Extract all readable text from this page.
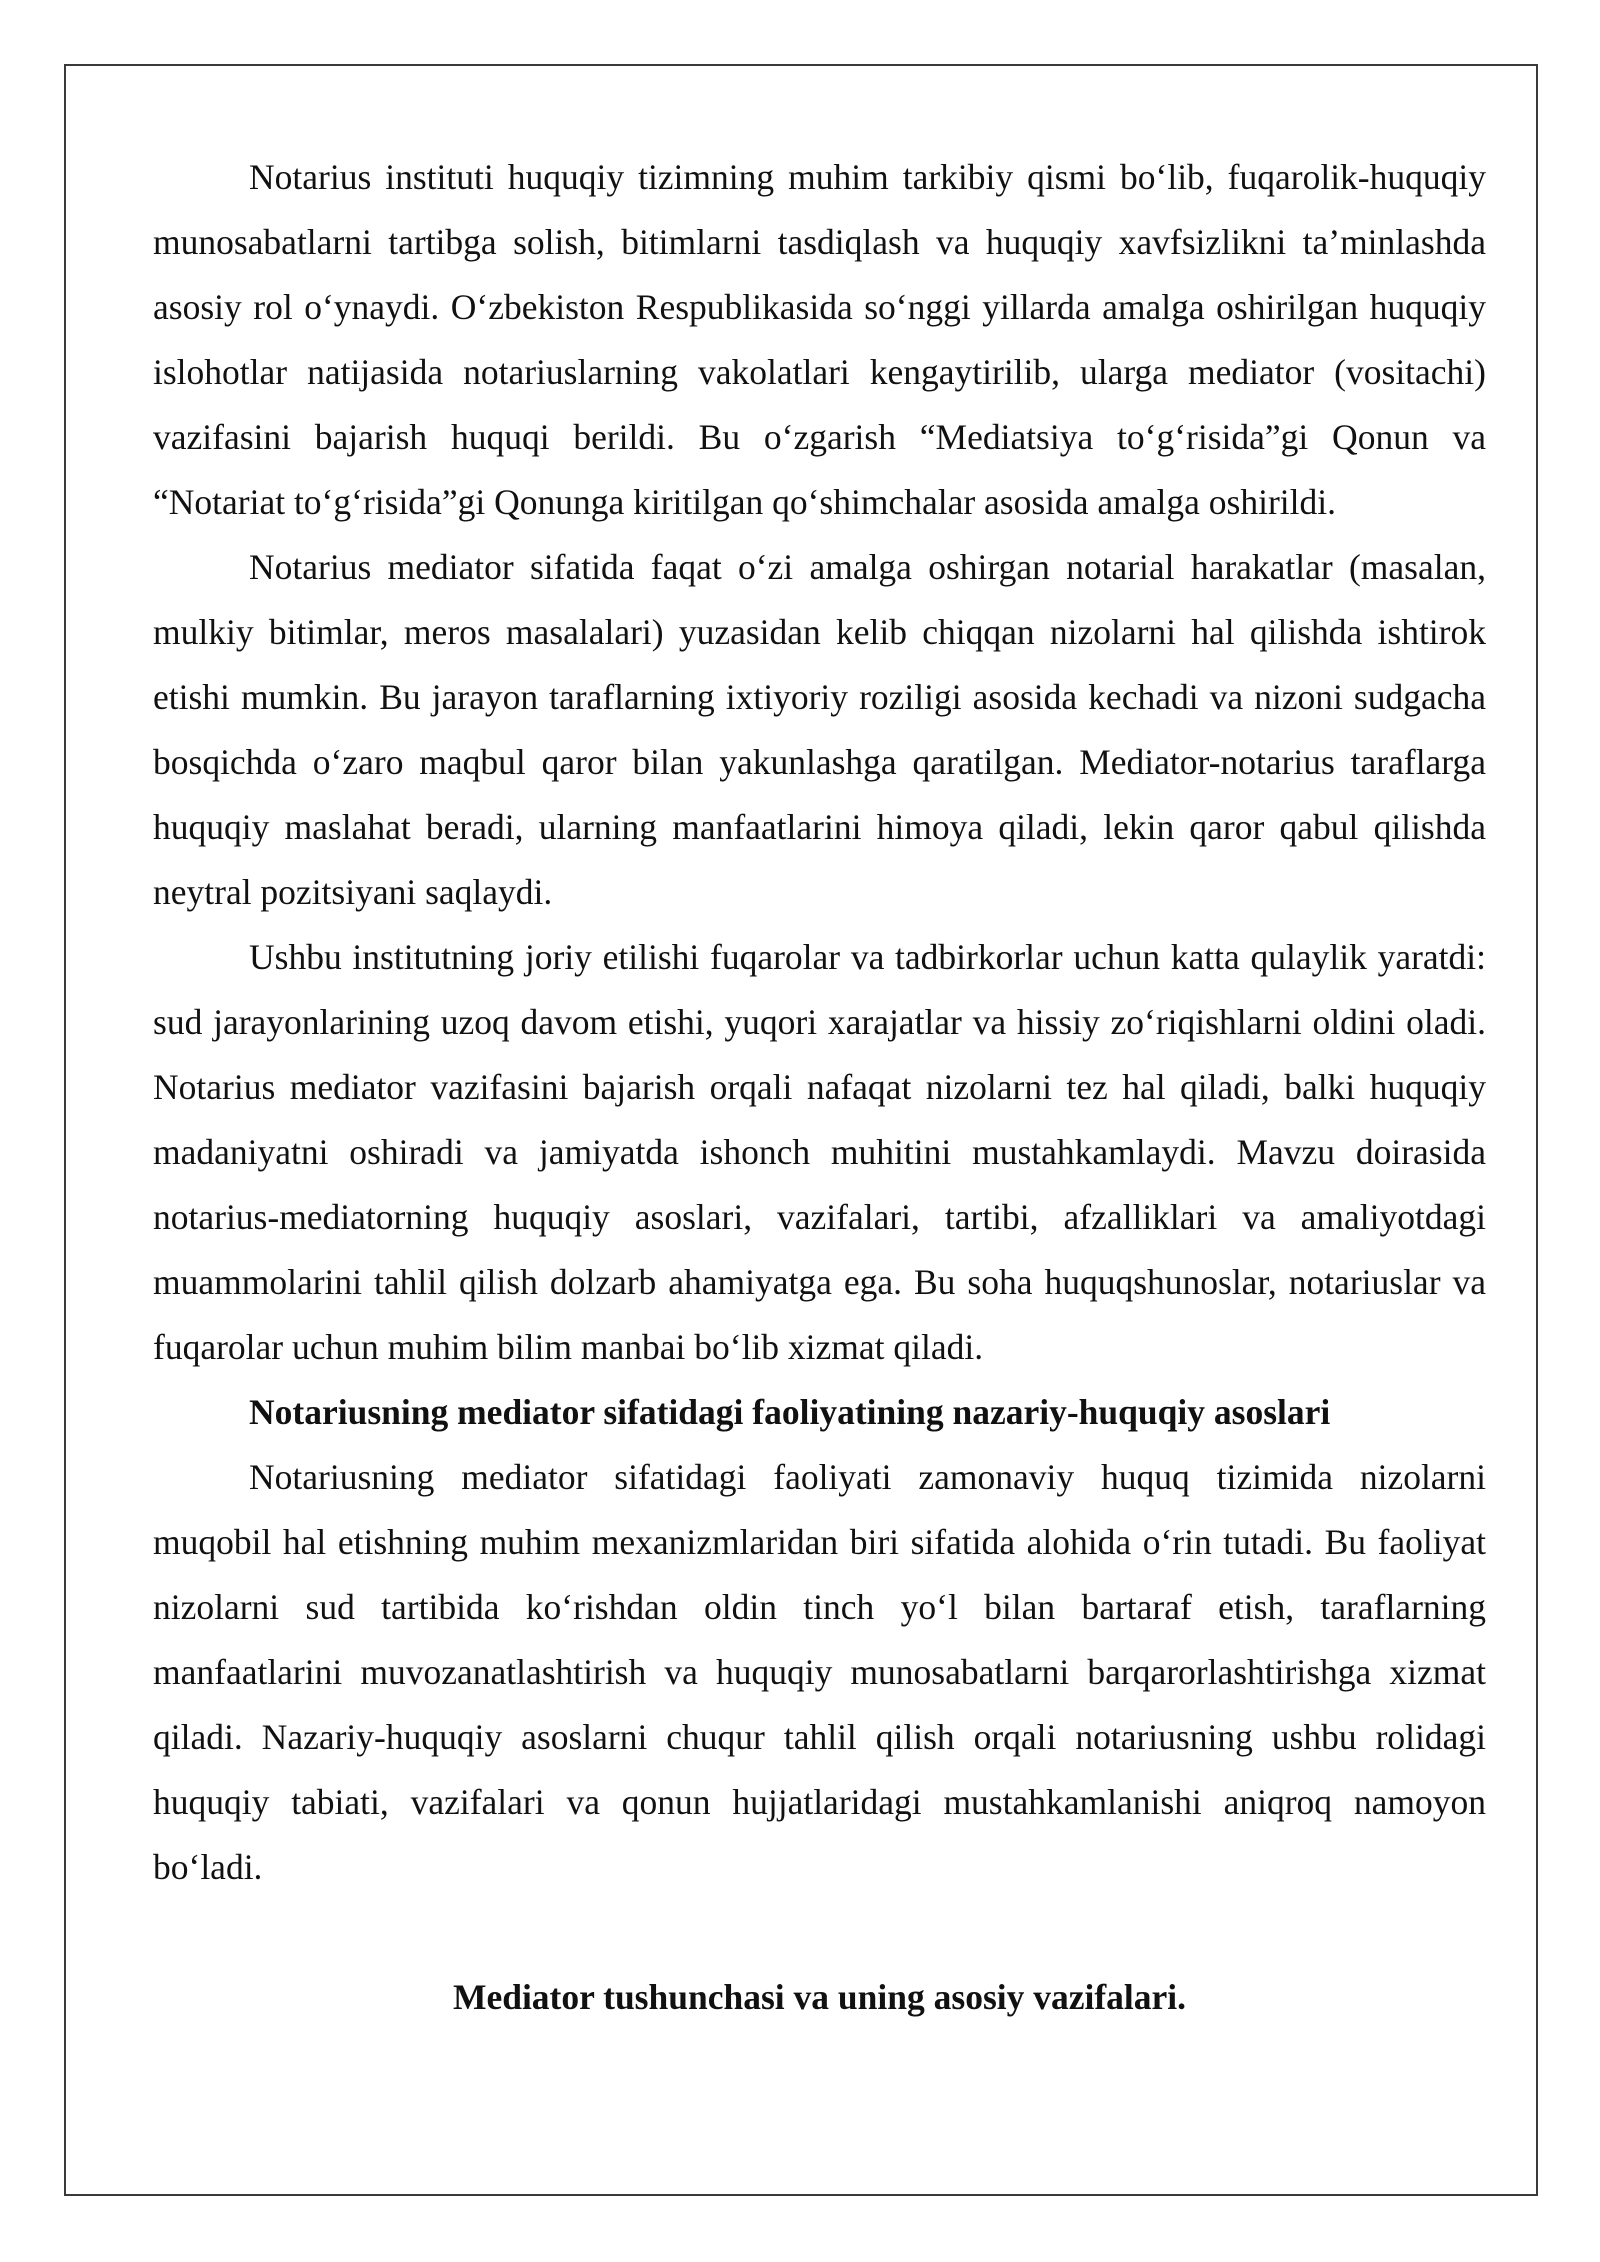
Notarius instituti huquqiy tizimning muhim tarkibiy qismi bo‘lib, fuqarolik-huquqiy munosabatlarni tartibga solish, bitimlarni tasdiqlash va huquqiy xavfsizlikni ta’minlashda asosiy rol o‘ynaydi. O‘zbekiston Respublikasida so‘nggi yillarda amalga oshirilgan huquqiy islohotlar natijasida notariuslarning vakolatlari kengaytirilib, ularga mediator (vositachi) vazifasini bajarish huquqi berildi. Bu o‘zgarish “Mediatsiya to‘g‘risida”gi Qonun va “Notariat to‘g‘risida”gi Qonunga kiritilgan qo‘shimchalar asosida amalga oshirildi.

Notarius mediator sifatida faqat o‘zi amalga oshirgan notarial harakatlar (masalan, mulkiy bitimlar, meros masalalari) yuzasidan kelib chiqqan nizolarni hal qilishda ishtirok etishi mumkin. Bu jarayon taraflarning ixtiyoriy roziligi asosida kechadi va nizoni sudgacha bosqichda o‘zaro maqbul qaror bilan yakunlashga qaratilgan. Mediator-notarius taraflarga huquqiy maslahat beradi, ularning manfaatlarini himoya qiladi, lekin qaror qabul qilishda neytral pozitsiyani saqlaydi.

Ushbu institutning joriy etilishi fuqarolar va tadbirkorlar uchun katta qulaylik yaratdi: sud jarayonlarining uzoq davom etishi, yuqori xarajatlar va hissiy zo‘riqishlarni oldini oladi. Notarius mediator vazifasini bajarish orqali nafaqat nizolarni tez hal qiladi, balki huquqiy madaniyatni oshiradi va jamiyatda ishonch muhitini mustahkamlaydi. Mavzu doirasida notarius-mediatorning huquqiy asoslari, vazifalari, tartibi, afzalliklari va amaliyotdagi muammolarini tahlil qilish dolzarb ahamiyatga ega. Bu soha huquqshunoslar, notariuslar va fuqarolar uchun muhim bilim manbai bo‘lib xizmat qiladi.

Notariusning mediator sifatidagi faoliyatining nazariy-huquqiy asoslari

Notariusning mediator sifatidagi faoliyati zamonaviy huquq tizimida nizolarni muqobil hal etishning muhim mexanizmlaridan biri sifatida alohida o‘rin tutadi. Bu faoliyat nizolarni sud tartibida ko‘rishdan oldin tinch yo‘l bilan bartaraf etish, taraflarning manfaatlarini muvozanatlashtirish va huquqiy munosabatlarni barqarorlashtirishga xizmat qiladi. Nazariy-huquqiy asoslarni chuqur tahlil qilish orqali notariusning ushbu rolidagi huquqiy tabiati, vazifalari va qonun hujjatlaridagi mustahkamlanishi aniqroq namoyon bo‘ladi.

Mediator tushunchasi va uning asosiy vazifalari.
